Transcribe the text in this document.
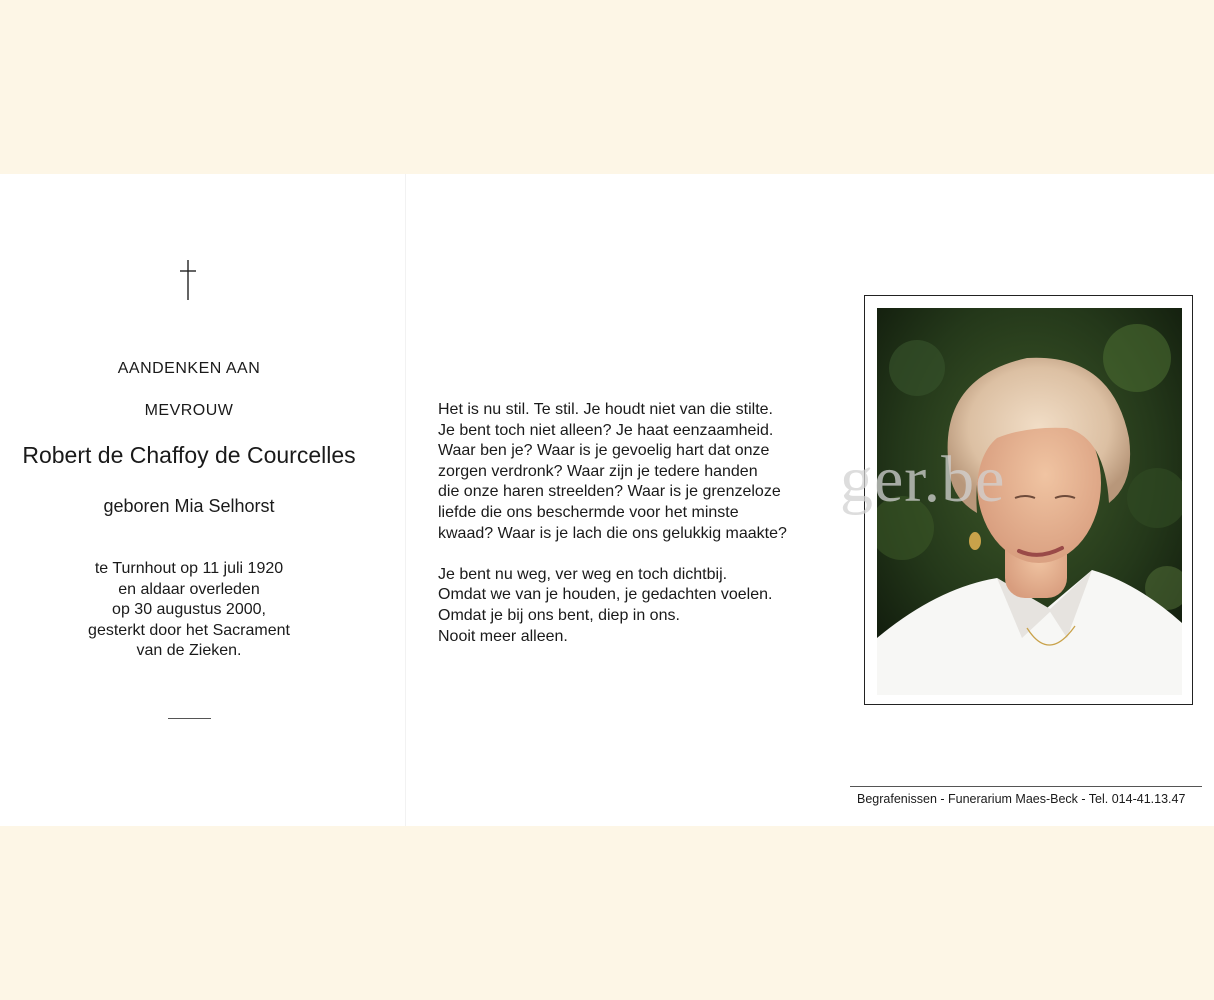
AANDENKEN AAN
MEVROUW
Robert de Chaffoy de Courcelles
geboren Mia Selhorst
te Turnhout op 11 juli 1920
en aldaar overleden
op 30 augustus 2000,
gesterkt door het Sacrament
van de Zieken.
Het is nu stil. Te stil. Je houdt niet van die stilte.
Je bent toch niet alleen? Je haat eenzaamheid.
Waar ben je? Waar is je gevoelig hart dat onze
zorgen verdronk? Waar zijn je tedere handen
die onze haren streelden? Waar is je grenzeloze
liefde die ons beschermde voor het minste
kwaad? Waar is je lach die ons gelukkig maakte?
Je bent nu weg, ver weg en toch dichtbij.
Omdat we van je houden, je gedachten voelen.
Omdat je bij ons bent, diep in ons.
Nooit meer alleen.
ger.be
Begrafenissen - Funerarium Maes-Beck - Tel. 014-41.13.47
